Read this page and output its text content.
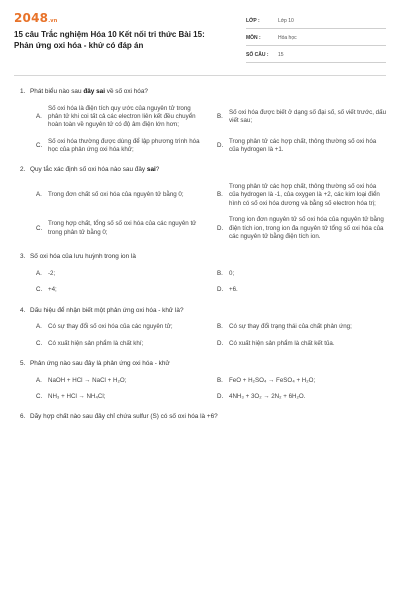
2048.vn
15 câu Trắc nghiệm Hóa 10 Kết nối tri thức Bài 15: Phản ứng oxi hóa - khử có đáp án
LỚP :	Lớp 10
MÔN :	Hóa học
SỐ CÂU :	15
1. Phát biểu nào sau đây sai về số oxi hóa?
A.
Số oxi hóa là điện tích quy ước của nguyên tử trong phân tử khi coi tất cả các electron liên kết đều chuyển hoàn toàn về nguyên tử có độ âm điện lớn hơn;
B.
Số oxi hóa được biết ở dạng số đại số, số viết trước, dấu viết sau;
C.
Số oxi hóa thường được dùng để lập phương trình hóa học của phản ứng oxi hóa khử;
D.
Trong phân tử các hợp chất, thông thường số oxi hóa của hydrogen là +1.
2. Quy tắc xác định số oxi hóa nào sau đây sai?
A. Trong đơn chất số oxi hóa của nguyên tử bằng 0;	B.
Trong phân tử các hợp chất, thông thường số oxi hóa của hydrogen là -1, của oxygen là +2, các kim loại điển hình có số oxi hóa dương và bằng số electron hóa trị;
C.
Trong hợp chất, tổng số số oxi hóa của các nguyên tử trong phân tử bằng 0;
D.
Trong ion đơn nguyên tử số oxi hóa của nguyên tử bằng điện tích ion, trong ion đa nguyên tử tổng số oxi hóa của các nguyên tử bằng điện tích ion.
3. Số oxi hóa của lưu huỳnh trong ion là
A. -2;	B. 0;
C. +4;	D. +6.
4. Dấu hiệu để nhận biết một phản ứng oxi hóa - khử là?
A. Có sự thay đổi số oxi hóa của các nguyên tử;	B. Có sự thay đổi trạng thái của chất phản ứng;
C. Có xuất hiện sản phẩm là chất khí;	D. Có xuất hiện sản phẩm là chất kết tủa.
5. Phản ứng nào sau đây là phản ứng oxi hóa - khử
A. NaOH + HCl → NaCl + H₂O;	B. FeO + H₂SO₄ → FeSO₄ + H₂O;
C. NH₃ + HCl → NH₄Cl;	D. 4NH₃ + 3O₂ → 2N₂ + 6H₂O.
6. Dãy hợp chất nào sau đây chỉ chứa sulfur (S) có số oxi hóa là +6?
